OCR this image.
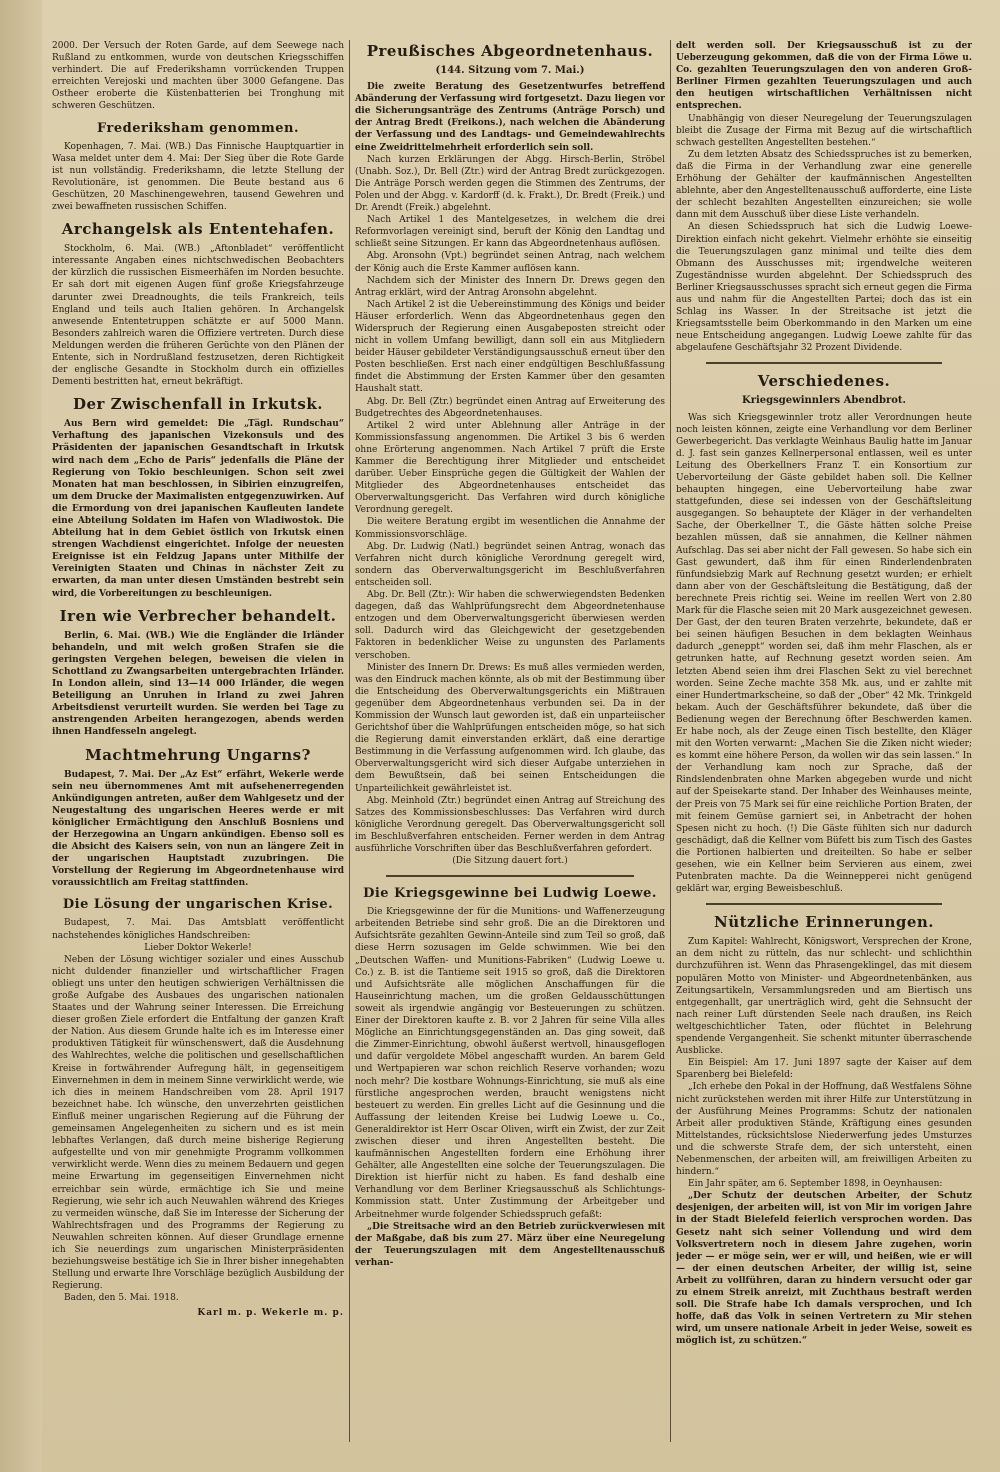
2000. Der Versuch der Roten Garde, auf dem Seewege nach Rußland zu entkommen, wurde von deutschen Kriegsschiffen verhindert. Die auf Frederikshamn vorrückenden Truppen erreichten Verejoski und machten über 3000 Gefangene. Das Ostheer eroberte die Küstenbatterien bei Tronghung mit schweren Geschützen.

Frederiksham genommen.

Kopenhagen, 7. Mai. (WB.) Das Finnische Hauptquartier in Wasa meldet unter dem 4. Mai: Der Sieg über die Rote Garde ist nun vollständig. Frederikshamn, die letzte Stellung der Revolutionäre, ist genommen. Die Beute bestand aus 6 Geschützen, 20 Maschinengewehren, tausend Gewehren und zwei bewaffneten russischen Schiffen.

Archangelsk als Ententehafen.

Stockholm, 6. Mai. (WB.) „Aftonbladet“ veröffentlicht interessante Angaben eines nichtschwedischen Beobachters der kürzlich die russischen Eismeerhäfen im Norden besuchte. Er sah dort mit eigenen Augen fünf große Kriegsfahrzeuge darunter zwei Dreadnoughts, die teils Frankreich, teils England und teils auch Italien gehören. In Archangelsk anwesende Ententetruppen schätzte er auf 5000 Mann. Besonders zahlreich waren die Offiziere vertreten. Durch diese Meldungen werden die früheren Gerüchte von den Plänen der Entente, sich in Nordrußland festzusetzen, deren Richtigkeit der englische Gesandte in Stockholm durch ein offizielles Dementi bestritten hat, erneut bekräftigt.

Der Zwischenfall in Irkutsk.

Aus Bern wird gemeldet: Die „Tägl. Rundschau“ Verhaftung des japanischen Vizekonsuls und des Präsidenten der japanischen Gesandtschaft in Irkutsk wird nach dem „Echo de Paris“ jedenfalls die Pläne der Regierung von Tokio beschleunigen. Schon seit zwei Monaten hat man beschlossen, in Sibirien einzugreifen, um dem Drucke der Maximalisten entgegenzuwirken. Auf die Ermordung von drei japanischen Kaufleuten landete eine Abteilung Soldaten im Hafen von Wladiwostok. Die Abteilung hat in dem Gebiet östlich von Irkutsk einen strengen Wachdienst eingerichtet. Infolge der neuesten Ereignisse ist ein Feldzug Japans unter Mithilfe der Vereinigten Staaten und Chinas in nächster Zeit zu erwarten, da man unter diesen Umständen bestrebt sein wird, die Vorbereitungen zu beschleunigen.

Iren wie Verbrecher behandelt.

Berlin, 6. Mai. (WB.) Wie die Engländer die Irländer behandeln, und mit welch großen Strafen sie die geringsten Vergehen belegen, beweisen die vielen in Schottland zu Zwangsarbeiten untergebrachten Irländer. In London allein, sind 13—14 000 Irländer, die wegen Beteiligung an Unruhen in Irland zu zwei Jahren Arbeitsdienst verurteilt wurden. Sie werden bei Tage zu anstrengenden Arbeiten herangezogen, abends werden ihnen Handfesseln angelegt.

Machtmehrung Ungarns?

Budapest, 7. Mai. Der „Az Est“ erfährt, Wekerle werde sein neu übernommenes Amt mit aufsehenerregenden Ankündigungen antreten, außer dem Wahlgesetz und der Neugestaltung des ungarischen Heeres werde er mit königlicher Ermächtigung den Anschluß Bosniens und der Herzegowina an Ungarn ankündigen. Ebenso soll es die Absicht des Kaisers sein, von nun an längere Zeit in der ungarischen Hauptstadt zuzubringen. Die Vorstellung der Regierung im Abgeordnetenhause wird voraussichtlich am Freitag stattfinden.

Die Lösung der ungarischen Krise.

Budapest, 7. Mai. Das Amtsblatt veröffentlicht nachstehendes königliches Handschreiben:

Lieber Doktor Wekerle!

Neben der Lösung wichtiger sozialer und eines Ausschub nicht duldender finanzieller und wirtschaftlicher Fragen obliegt uns unter den heutigen schwierigen Verhältnissen die große Aufgabe des Ausbaues des ungarischen nationalen Staates und der Wahrung seiner Interessen. Die Erreichung dieser großen Ziele erfordert die Entfaltung der ganzen Kraft der Nation. Aus diesem Grunde halte ich es im Interesse einer produktiven Tätigkeit für wünschenswert, daß die Ausdehnung des Wahlrechtes, welche die politischen und gesellschaftlichen Kreise in fortwährender Aufregung hält, in gegenseitigem Einvernehmen in dem in meinem Sinne verwirklicht werde, wie ich dies in meinem Handschreiben vom 28. April 1917 bezeichnet habe. Ich wünsche, den unverzehrten geistlichen Einfluß meiner ungarischen Regierung auf die Führung der gemeinsamen Angelegenheiten zu sichern und es ist mein lebhaftes Verlangen, daß durch meine bisherige Regierung aufgestellte und von mir genehmigte Programm vollkommen verwirklicht werde. Wenn dies zu meinem Bedauern und gegen meine Erwartung im gegenseitigen Einvernehmen nicht erreichbar sein würde, ermächtige ich Sie und meine Regierung, wie sehr ich auch Neuwahlen während des Krieges zu vermeiden wünsche, daß Sie im Interesse der Sicherung der Wahlrechtsfragen und des Programms der Regierung zu Neuwahlen schreiten können. Auf dieser Grundlage ernenne ich Sie neuerdings zum ungarischen Ministerpräsidenten beziehungsweise bestätige ich Sie in Ihrer bisher innegehabten Stellung und erwarte Ihre Vorschläge bezüglich Ausbildung der Regierung.

Baden, den 5. Mai. 1918.

Karl m. p. Wekerle m. p.
Preußisches Abgeordnetenhaus.
(144. Sitzung vom 7. Mai.)

Die zweite Beratung des Gesetzentwurfes betreffend Abänderung der Verfassung wird fortgesetzt. Dazu liegen vor die Sicherungsanträge des Zentrums (Anträge Porsch) und der Antrag Bredt (Freikons.), nach welchen die Abänderung der Verfassung und des Landtags- und Gemeindewahlrechts eine Zweidrittelmehrheit erforderlich sein soll.

Nach kurzen Erklärungen der Abgg. Hirsch-Berlin, Ströbel (Unabh. Soz.), Dr. Bell (Ztr.) wird der Antrag Bredt zurückgezogen. Die Anträge Porsch werden gegen die Stimmen des Zentrums, der Polen und der Abgg. v. Kardorff (d. k. Frakt.), Dr. Bredt (Freik.) und Dr. Arendt (Freik.) abgelehnt.

Nach Artikel 1 des Mantelgesetzes, in welchem die drei Reformvorlagen vereinigt sind, beruft der König den Landtag und schließt seine Sitzungen. Er kann das Abgeordnetenhaus auflösen.

Abg. Aronsohn (Vpt.) begründet seinen Antrag, nach welchem der König auch die Erste Kammer auflösen kann.

Nachdem sich der Minister des Innern Dr. Drews gegen den Antrag erklärt, wird der Antrag Aronsohn abgelehnt.

Nach Artikel 2 ist die Uebereinstimmung des Königs und beider Häuser erforderlich. Wenn das Abgeordnetenhaus gegen den Widerspruch der Regierung einen Ausgabeposten streicht oder nicht in vollem Umfang bewilligt, dann soll ein aus Mitgliedern beider Häuser gebildeter Verständigungsausschuß erneut über den Posten beschließen. Erst nach einer endgültigen Beschlußfassung findet die Abstimmung der Ersten Kammer über den gesamten Haushalt statt.

Abg. Dr. Bell (Ztr.) begründet einen Antrag auf Erweiterung des Budgetrechtes des Abgeordnetenhauses.

Artikel 2 wird unter Ablehnung aller Anträge in der Kommissionsfassung angenommen. Die Artikel 3 bis 6 werden ohne Erörterung angenommen. Nach Artikel 7 prüft die Erste Kammer die Berechtigung ihrer Mitglieder und entscheidet darüber. Ueber Einsprüche gegen die Gültigkeit der Wahlen der Mitglieder des Abgeordnetenhauses entscheidet das Oberverwaltungsgericht. Das Verfahren wird durch königliche Verordnung geregelt.

Die weitere Beratung ergibt im wesentlichen die Annahme der Kommissionsvorschläge.

Abg. Dr. Ludwig (Natl.) begründet seinen Antrag, wonach das Verfahren nicht durch königliche Verordnung geregelt wird, sondern das Oberverwaltungsgericht im Beschlußverfahren entscheiden soll.

Abg. Dr. Bell (Ztr.): Wir haben die schwerwiegendsten Bedenken dagegen, daß das Wahlprüfungsrecht dem Abgeordnetenhause entzogen und dem Oberverwaltungsgericht überwiesen werden soll. Dadurch wird das Gleichgewicht der gesetzgebenden Faktoren in bedenklicher Weise zu ungunsten des Parlaments verschoben.

Minister des Innern Dr. Drews: Es muß alles vermieden werden, was den Eindruck machen könnte, als ob mit der Bestimmung über die Entscheidung des Oberverwaltungsgerichts ein Mißtrauen gegenüber dem Abgeordnetenhaus verbunden sei. Da in der Kommission der Wunsch laut geworden ist, daß ein unparteiischer Gerichtshof über die Wahlprüfungen entscheiden möge, so hat sich die Regierung damit einverstanden erklärt, daß eine derartige Bestimmung in die Verfassung aufgenommen wird. Ich glaube, das Oberverwaltungsgericht wird sich dieser Aufgabe unterziehen in dem Bewußtsein, daß bei seinen Entscheidungen die Unparteilichkeit gewährleistet ist.

Abg. Meinhold (Ztr.) begründet einen Antrag auf Streichung des Satzes des Kommissionsbeschlusses: Das Verfahren wird durch königliche Verordnung geregelt. Das Oberverwaltungsgericht soll im Beschlußverfahren entscheiden. Ferner werden in dem Antrag ausführliche Vorschriften über das Beschlußverfahren gefordert.

(Die Sitzung dauert fort.)

Die Kriegsgewinne bei Ludwig Loewe.

Die Kriegsgewinne der für die Munitions- und Waffenerzeugung arbeitenden Betriebe sind sehr groß. Die an die Direktoren und Aufsichtsräte gezahlten Gewinn-Anteile sind zum Teil so groß, daß diese Herrn sozusagen im Gelde schwimmen. Wie bei den „Deutschen Waffen- und Munitions-Fabriken“ (Ludwig Loewe u. Co.) z. B. ist die Tantieme seit 1915 so groß, daß die Direktoren und Aufsichtsräte alle möglichen Anschaffungen für die Hauseinrichtung machen, um die großen Geldausschüttungen soweit als irgendwie angängig vor Besteuerungen zu schützen. Einer der Direktoren kaufte z. B. vor 2 Jahren für seine Villa alles Mögliche an Einrichtungsgegenständen an. Das ging soweit, daß die Zimmer-Einrichtung, obwohl äußerst wertvoll, hinausgeflogen und dafür vergoldete Möbel angeschafft wurden. An barem Geld und Wertpapieren war schon reichlich Reserve vorhanden; wozu noch mehr? Die kostbare Wohnungs-Einrichtung, sie muß als eine fürstliche angesprochen werden, braucht wenigstens nicht besteuert zu werden. Ein grelles Licht auf die Gesinnung und die Auffassung der leitenden Kreise bei Ludwig Loewe u. Co., Generaldirektor ist Herr Oscar Oliven, wirft ein Zwist, der zur Zeit zwischen dieser und ihren Angestellten besteht. Die kaufmännischen Angestellten fordern eine Erhöhung ihrer Gehälter, alle Angestellten eine solche der Teuerungszulagen. Die Direktion ist hierfür nicht zu haben. Es fand deshalb eine Verhandlung vor dem Berliner Kriegsausschuß als Schlichtungs-Kommission statt. Unter Zustimmung der Arbeitgeber und Arbeitnehmer wurde folgender Schiedsspruch gefaßt:

„Die Streitsache wird an den Betrieb zurückverwiesen mit der Maßgabe, daß bis zum 27. März über eine Neuregelung der Teuerungszulagen mit dem Angestelltenausschuß verhan-

delt werden soll. Der Kriegsausschuß ist zu der Ueberzeugung gekommen, daß die von der Firma Löwe u. Co. gezahlten Teuerungszulagen den von anderen Groß-Berliner Firmen gezahlten Teuerungszulagen und auch den heutigen wirtschaftlichen Verhältnissen nicht entsprechen.

Unabhängig von dieser Neuregelung der Teuerungszulagen bleibt die Zusage der Firma mit Bezug auf die wirtschaftlich schwach gestellten Angestellten bestehen.“

Zu dem letzten Absatz des Schiedsspruches ist zu bemerken, daß die Firma in der Verhandlung zwar eine generelle Erhöhung der Gehälter der kaufmännischen Angestellten ablehnte, aber den Angestelltenausschuß aufforderte, eine Liste der schlecht bezahlten Angestellten einzureichen; sie wolle dann mit dem Ausschuß über diese Liste verhandeln.

An diesen Schiedsspruch hat sich die Ludwig Loewe-Direktion einfach nicht gekehrt. Vielmehr erhöhte sie einseitig die Teuerungszulagen ganz minimal und teilte dies dem Obmann des Ausschusses mit; irgendwelche weiteren Zugeständnisse wurden abgelehnt. Der Schiedsspruch des Berliner Kriegsausschusses spracht sich erneut gegen die Firma aus und nahm für die Angestellten Partei; doch das ist ein Schlag ins Wasser. In der Streitsache ist jetzt die Kriegsamtsstelle beim Oberkommando in den Marken um eine neue Entscheidung angegangen. Ludwig Loewe zahlte für das abgelaufene Geschäftsjahr 32 Prozent Dividende.

Verschiedenes.
Kriegsgewinnlers Abendbrot.

Was sich Kriegsgewinnler trotz aller Verordnungen heute noch leisten können, zeigte eine Verhandlung vor dem Berliner Gewerbegericht. Das verklagte Weinhaus Baulig hatte im Januar d. J. fast sein ganzes Kellnerpersonal entlassen, weil es unter Leitung des Oberkellners Franz T. ein Konsortium zur Uebervorteilung der Gäste gebildet haben soll. Die Kellner behaupten hingegen, eine Uebervorteilung habe zwar stattgefunden, diese sei indessen von der Geschäftsleitung ausgegangen. So behauptete der Kläger in der verhandelten Sache, der Oberkellner T., die Gäste hätten solche Preise bezahlen müssen, daß sie annahmen, die Kellner nähmen Aufschlag. Das sei aber nicht der Fall gewesen. So habe sich ein Gast gewundert, daß ihm für einen Rinderlendenbraten fünfundsiebzig Mark auf Rechnung gesetzt wurden; er erhielt dann aber von der Geschäftsleitung die Bestätigung, daß der berechnete Preis richtig sei. Weine im reellen Wert von 2.80 Mark für die Flasche seien mit 20 Mark ausgezeichnet gewesen. Der Gast, der den teuren Braten verzehrte, bekundete, daß er bei seinen häufigen Besuchen in dem beklagten Weinhaus dadurch „geneppt“ worden sei, daß ihm mehr Flaschen, als er getrunken hatte, auf Rechnung gesetzt worden seien. Am letzten Abend seien ihm drei Flaschen Sekt zu viel berechnet worden. Seine Zeche machte 358 Mk. aus, und er zahlte mit einer Hundertmarkscheine, so daß der „Ober“ 42 Mk. Trinkgeld bekam. Auch der Geschäftsführer bekundete, daß über die Bedienung wegen der Berechnung öfter Beschwerden kamen. Er habe noch, als der Zeuge einen Tisch bestellte, den Kläger mit den Worten verwarnt: „Machen Sie die Ziken nicht wieder; es kommt eine höhere Person, da wollen wir das sein lassen.“ In der Verhandlung kam noch zur Sprache, daß der Rindslendenbraten ohne Marken abgegeben wurde und nicht auf der Speisekarte stand. Der Inhaber des Weinhauses meinte, der Preis von 75 Mark sei für eine reichliche Portion Braten, der mit feinem Gemüse garniert sei, in Anbetracht der hohen Spesen nicht zu hoch. (!) Die Gäste fühlten sich nur dadurch geschädigt, daß die Kellner vom Büfett bis zum Tisch des Gastes die Portionen halbierten und dreiteilten. So habe er selber gesehen, wie ein Kellner beim Servieren aus einem, zwei Putenbraten machte. Da die Weinnepperei nicht genügend geklärt war, erging Beweisbeschluß.

Nützliche Erinnerungen.

Zum Kapitel: Wahlrecht, Königswort, Versprechen der Krone, an dem nicht zu rütteln, das nur schlecht- und schlichthin durchzuführen ist. Wenn das Phrasengeklingel, das mit diesem populären Motto von Minister- und Abgeordnetenbänken, aus Zeitungsartikeln, Versammlungsreden und am Biertisch uns entgegenhallt, gar unerträglich wird, geht die Sehnsucht der nach reiner Luft dürstenden Seele nach draußen, ins Reich weltgeschichtlicher Taten, oder flüchtet in Belehrung spendende Vergangenheit. Sie schenkt mitunter überraschende Ausblicke.

Ein Beispiel: Am 17. Juni 1897 sagte der Kaiser auf dem Sparenberg bei Bielefeld:

„Ich erhebe den Pokal in der Hoffnung, daß Westfalens Söhne nicht zurückstehen werden mit ihrer Hilfe zur Unterstützung in der Ausführung Meines Programms: Schutz der nationalen Arbeit aller produktiven Stände, Kräftigung eines gesunden Mittelstandes, rücksichtslose Niederwerfung jedes Umsturzes und die schwerste Strafe dem, der sich untersteht, einen Nebenmenschen, der arbeiten will, am freiwilligen Arbeiten zu hindern.“

Ein Jahr später, am 6. September 1898, in Oeynhausen:

„Der Schutz der deutschen Arbeiter, der Schutz desjenigen, der arbeiten will, ist von Mir im vorigen Jahre in der Stadt Bielefeld feierlich versprochen worden. Das Gesetz naht sich seiner Vollendung und wird dem Volksvertretern noch in diesem Jahre zugehen, worin jeder — er möge sein, wer er will, und heißen, wie er will — der einen deutschen Arbeiter, der willig ist, seine Arbeit zu vollführen, daran zu hindern versucht oder gar zu einem Streik anreizt, mit Zuchthaus bestraft werden soll. Die Strafe habe Ich damals versprochen, und Ich hoffe, daß das Volk in seinen Vertretern zu Mir stehen wird, um unsere nationale Arbeit in jeder Weise, soweit es möglich ist, zu schützen.“
